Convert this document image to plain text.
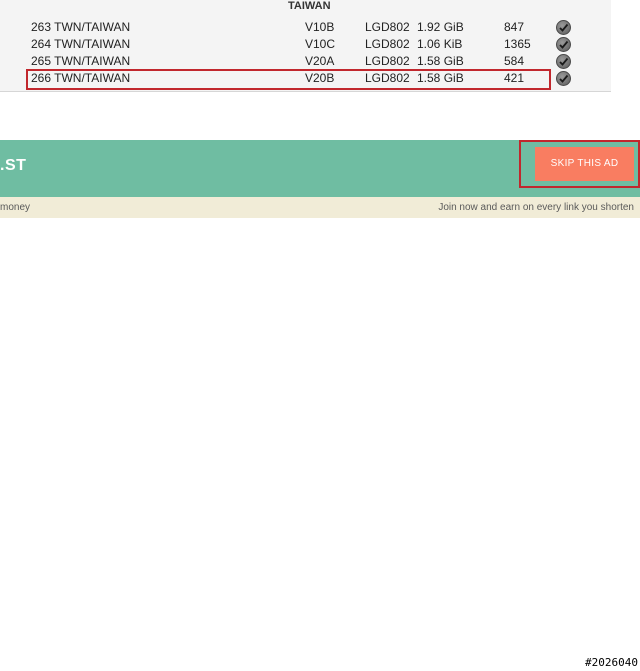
TAIWAN
263 TWN/TAIWAN	V10B	LGD802 1.92 GiB	847
264 TWN/TAIWAN	V10C LGD802 1.06 KiB	1365
265 TWN/TAIWAN	V20A	LGD802 1.58 GiB	584
266 TWN/TAIWAN	V20B	LGD802 1.58 GiB	421
.ST	SKIP THIS AD
money	Join now and earn on every link you shorten
#2026040
